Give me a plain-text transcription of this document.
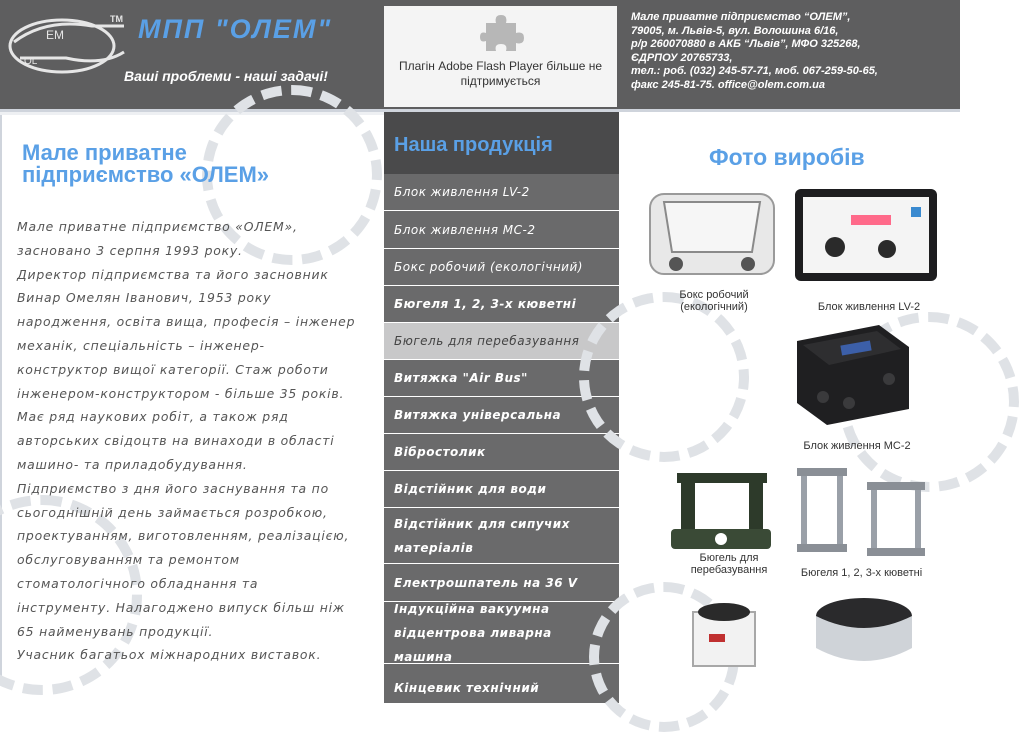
EM
OL
TM МПП "ОЛЕМ"
Ваші проблеми - наші задачі!
Плагін Adobe Flash Player більше не підтримується
Мале приватне підприємство “ОЛЕМ”,
79005, м. Львів-5, вул. Волошина 6/16,
р/р 260070880 в АКБ “Львів”, МФО 325268,
ЄДРПОУ 20765733,
тел.: роб. (032) 245-57-71, моб. 067-259-50-65,
факс 245-81-75. office@olem.com.ua
Мале приватне
підприємство «ОЛЕМ»
Мале приватне підприємство «ОЛЕМ»,
засновано 3 серпня 1993 року.
Директор підприємства та його засновник
Винар Омелян Іванович, 1953 року
народження, освіта вища, професія – інженер
механік, спеціальність – інженер-
конструктор вищої категорії. Стаж роботи
інженером-конструктором - більше 35 років.
Має ряд наукових робіт, а також ряд
авторських свідоцтв на винаходи в області
машино- та приладобудування.
Підприємство з дня його заснування та по
сьогоднішній день займається розробкою,
проектуванням, виготовленням, реалізацією,
обслуговуванням та ремонтом
стоматологічного обладнання та
інструменту. Налагоджено випуск більш ніж
65 найменувань продукції.
Учасник багатьох міжнародних виставок.
Наша продукція
Блок живлення LV-2
Блок живлення МС-2
Бокс робочий (екологічний)
Бюгеля 1, 2, 3-х кюветні
Бюгель для перебазування
Витяжка "Air Bus"
Витяжка універсальна
Вібростолик
Відстійник для води
Відстійник для сипучих матеріалів
Електрошпатель на 36 V
Індукційна вакуумна відцентрова ливарна машина
Кінцевик технічний
Фото виробів
Бокс робочий (екологічний)	Блок живлення LV-2
Блок живлення МС-2
Бюгель для перебазування	Бюгеля 1, 2, 3-х кюветні
